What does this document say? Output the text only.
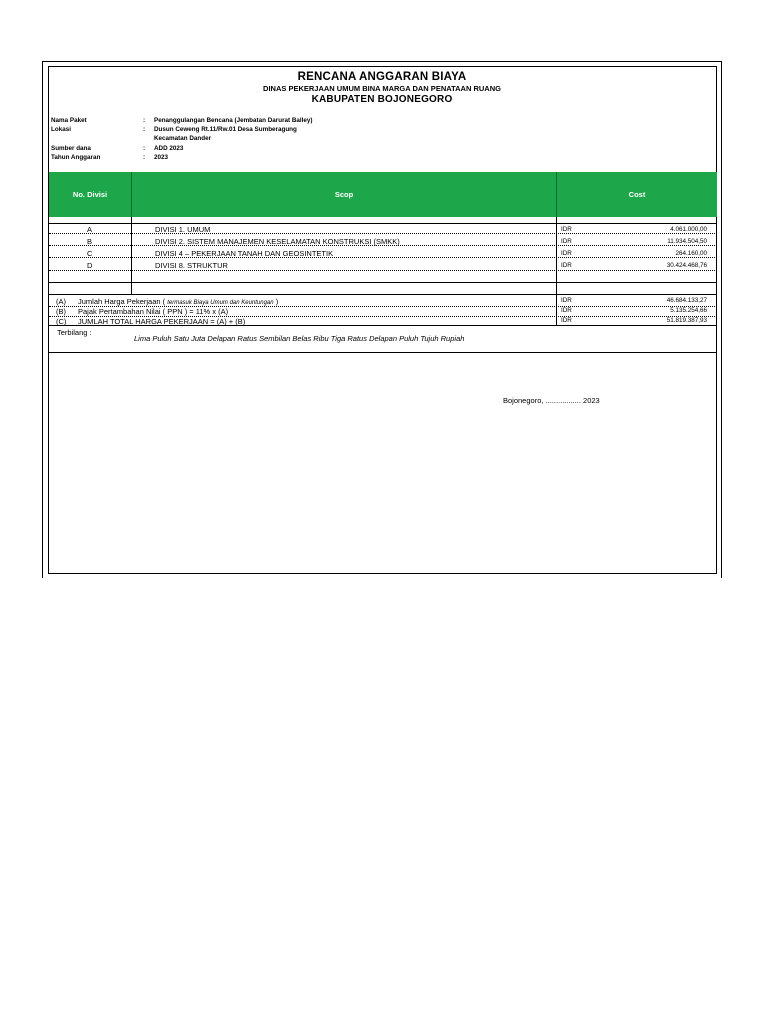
RENCANA ANGGARAN BIAYA
DINAS PEKERJAAN UMUM BINA MARGA DAN PENATAAN RUANG
KABUPATEN BOJONEGORO
Nama Paket	: Penanggulangan Bencana (Jembatan Darurat Balley)
Lokasi	: Dusun Ceweng Rt.11/Rw.01 Desa Sumberagung
Kecamatan Dander
Sumber dana	: ADD 2023
Tahun Anggaran	: 2023
No. Divisi	Scop	Cost
A	DIVISI 1. UMUM	IDR	4.061.000,00
B	DIVISI 2. SISTEM MANAJEMEN KESELAMATAN KONSTRUKSI (SMKK)	IDR	11.934.504,50
C	DIVISI 4 – PEKERJAAN TANAH DAN GEOSINTETIK	IDR	264.160,00
D	DIVISI 8. STRUKTUR	IDR	30.424.468,76
(A) Jumlah Harga Pekerjaan ( termasuk Biaya Umum dan Keuntungan )	IDR	46.684.133,27
(B) Pajak Pertambahan Nilai ( PPN ) = 11% x (A)	IDR	5.135.254,66
(C) JUMLAH TOTAL HARGA PEKERJAAN = (A) + (B)	IDR	51.819.387,93
Terbilang :
Lima Puluh Satu Juta Delapan Ratus Sembilan Belas Ribu Tiga Ratus Delapan Puluh Tujuh Rupiah
Bojonegoro, ................. 2023
